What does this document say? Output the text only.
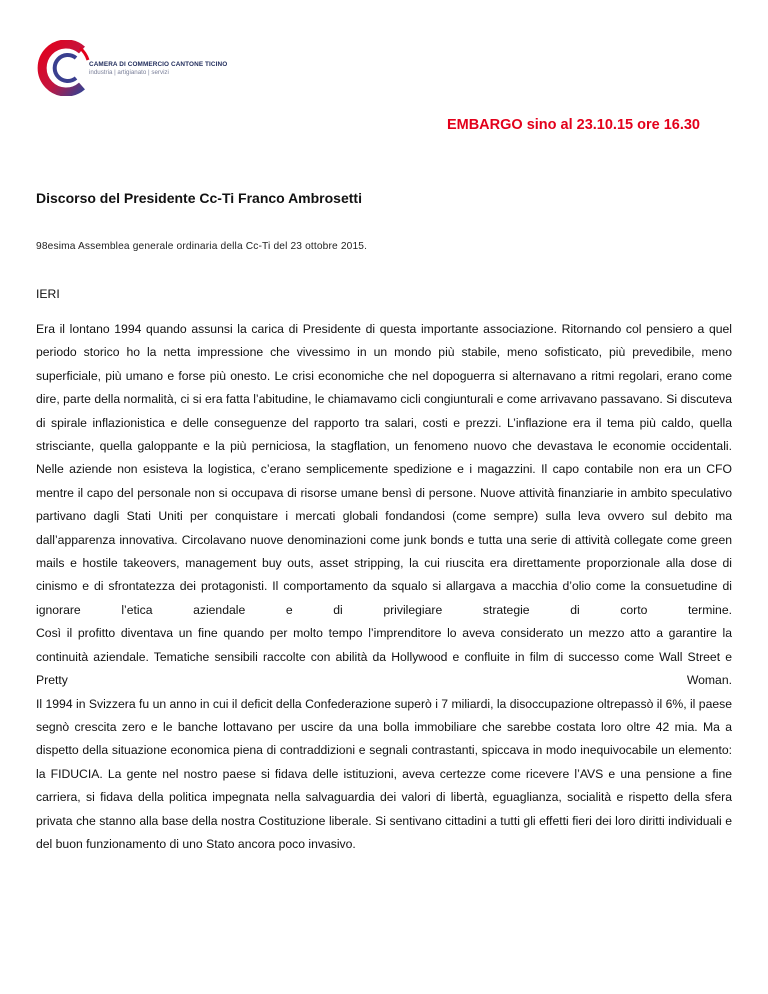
CAMERA DI COMMERCIO CANTONE TICINO
industria | artigianato | servizi
EMBARGO sino al 23.10.15 ore 16.30
Discorso del Presidente Cc-Ti Franco Ambrosetti
98esima Assemblea generale ordinaria della Cc-Ti del 23 ottobre 2015.
IERI

Era il lontano 1994 quando assunsi la carica di Presidente di questa importante associazione. Ritornando col pensiero a quel periodo storico ho la netta impressione che vivessimo in un mondo più stabile, meno sofisticato, più prevedibile, meno superficiale, più umano e forse più onesto. Le crisi economiche che nel dopoguerra si alternavano a ritmi regolari, erano come dire, parte della normalità, ci si era fatta l’abitudine, le chiamavamo cicli congiunturali e come arrivavano passavano. Si discuteva di spirale inflazionistica e delle conseguenze del rapporto tra salari, costi e prezzi. L’inflazione era il tema più caldo, quella strisciante, quella galoppante e la più perniciosa, la stagflation, un fenomeno nuovo che devastava le economie occidentali.

Nelle aziende non esisteva la logistica, c’erano semplicemente spedizione e i magazzini. Il capo contabile non era un CFO mentre il capo del personale non si occupava di risorse umane bensì di persone. Nuove attività finanziarie in ambito speculativo partivano dagli Stati Uniti per conquistare i mercati globali fondandosi (come sempre) sulla leva ovvero sul debito ma dall’apparenza innovativa. Circolavano nuove denominazioni come junk bonds e tutta una serie di attività collegate come green mails e hostile takeovers, management buy outs, asset stripping, la cui riuscita era direttamente proporzionale alla dose di cinismo e di sfrontatezza dei protagonisti. Il comportamento da squalo si allargava a macchia d’olio come la consuetudine di ignorare l’etica aziendale e di privilegiare strategie di corto termine.

Così il profitto diventava un fine quando per molto tempo l’imprenditore lo aveva considerato un mezzo atto a garantire la continuità aziendale. Tematiche sensibili raccolte con abilità da Hollywood e confluite in film di successo come Wall Street e Pretty Woman.

Il 1994 in Svizzera fu un anno in cui il deficit della Confederazione superò i 7 miliardi, la disoccupazione oltrepassò il 6%, il paese segnò crescita zero e le banche lottavano per uscire da una bolla immobiliare che sarebbe costata loro oltre 42 mia. Ma a dispetto della situazione economica piena di contraddizioni e segnali contrastanti, spiccava in modo inequivocabile un elemento: la FIDUCIA. La gente nel nostro paese si fidava delle istituzioni, aveva certezze come ricevere l’AVS e una pensione a fine carriera, si fidava della politica impegnata nella salvaguardia dei valori di libertà, eguaglianza, socialità e rispetto della sfera privata che stanno alla base della nostra Costituzione liberale. Si sentivano cittadini a tutti gli effetti fieri dei loro diritti individuali e del buon funzionamento di uno Stato ancora poco invasivo.
